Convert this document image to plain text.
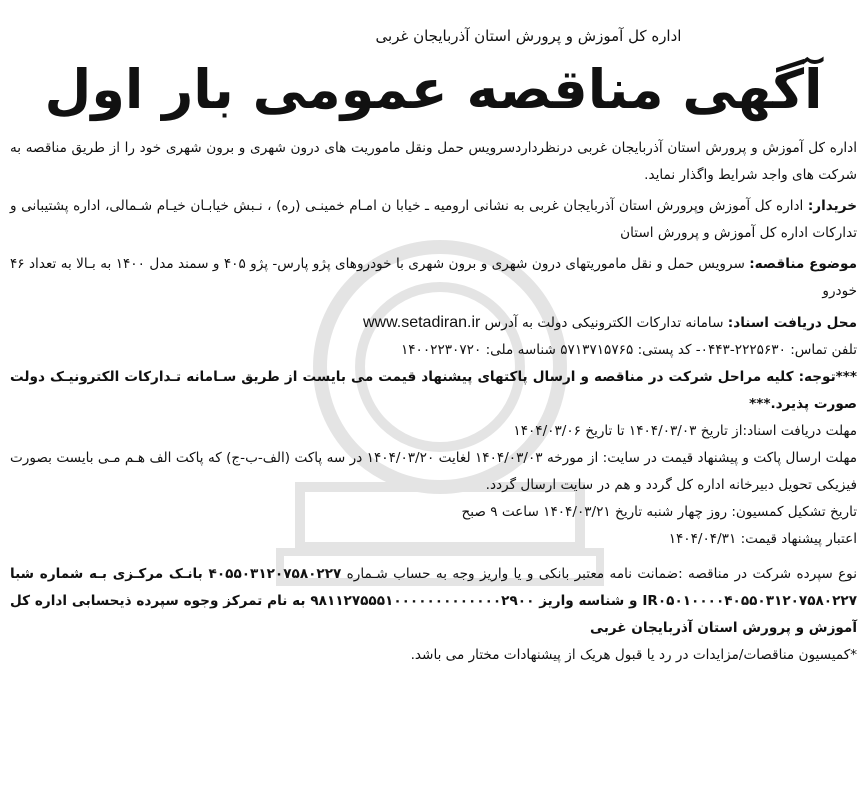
اداره کل آموزش و پرورش استان آذربایجان غربی
آگهی مناقصه عمومی بار اول

اداره کل آموزش و پرورش استان آذربایجان غربی درنظرداردسرویس حمل ونقل ماموریت های درون شهری و برون شهری خود را از طریق مناقصه به شرکت های واجد شرایط واگذار نماید.

خریدار: اداره کل آموزش وپرورش استان آذربایجان غربی به نشانی ارومیه ـ خیابا ن امـام خمینـی (ره) ، نـبش خیابـان خیـام شـمالی، اداره پشتیبانی و تدارکات اداره کل آموزش و پرورش استان

موضوع مناقصه: سرویس حمل و نقل ماموریتهای درون شهری و برون شهری با خودروهای پژو پارس- پژو ۴۰۵ و سمند مدل ۱۴۰۰ به بـالا به تعداد ۴۶ خودرو

محل دریافت اسناد: سامانه تدارکات الکترونیکی دولت به آدرس www.setadiran.ir

تلفن تماس: ۲۲۲۵۶۳۰-۰۴۴۳- کد پستی: ۵۷۱۳۷۱۵۷۶۵ شناسه ملی: ۱۴۰۰۲۲۳۰۷۲۰

***توجه: کلیه مراحل شرکت در مناقصه و ارسال پاکتهای پیشنهاد قیمت می بایست از طریق سـامانه تـدارکات الکترونیـک دولت صورت پذیرد.***

مهلت دریافت اسناد:از تاریخ ۱۴۰۴/۰۳/۰۳ تا تاریخ ۱۴۰۴/۰۳/۰۶

مهلت ارسال پاکت و پیشنهاد قیمت در سایت: از مورخه ۱۴۰۴/۰۳/۰۳ لغایت ۱۴۰۴/۰۳/۲۰ در سه پاکت (الف-ب-ج) که پاکت الف هـم مـی بایست بصورت فیزیکی تحویل دبیرخانه اداره کل گردد و هم در سایت ارسال گردد.

تاریخ تشکیل کمسیون: روز چهار شنبه تاریخ ۱۴۰۴/۰۳/۲۱ ساعت ۹ صبح

اعتبار پیشنهاد قیمت: ۱۴۰۴/۰۴/۳۱

نوع سپرده شرکت در مناقصه :ضمانت نامه معتبر بانکی و یا واریز وجه به حساب شـماره ۴۰۵۵۰۳۱۲۰۷۵۸۰۲۲۷ بانـک مرکـزی بـه شماره شبا IR۰۵۰۱۰۰۰۰۴۰۵۵۰۳۱۲۰۷۵۸۰۲۲۷ و شناسه واریز ۹۸۱۱۲۷۵۵۵۱۰۰۰۰۰۰۰۰۰۰۰۰۰۲۹۰۰ به نام تمرکز وجوه سپرده ذیحسابی اداره کل آموزش و پرورش استان آذربایجان غربی

*کمیسیون مناقصات/مزایدات در رد یا قبول هریک از پیشنهادات مختار می باشد.
